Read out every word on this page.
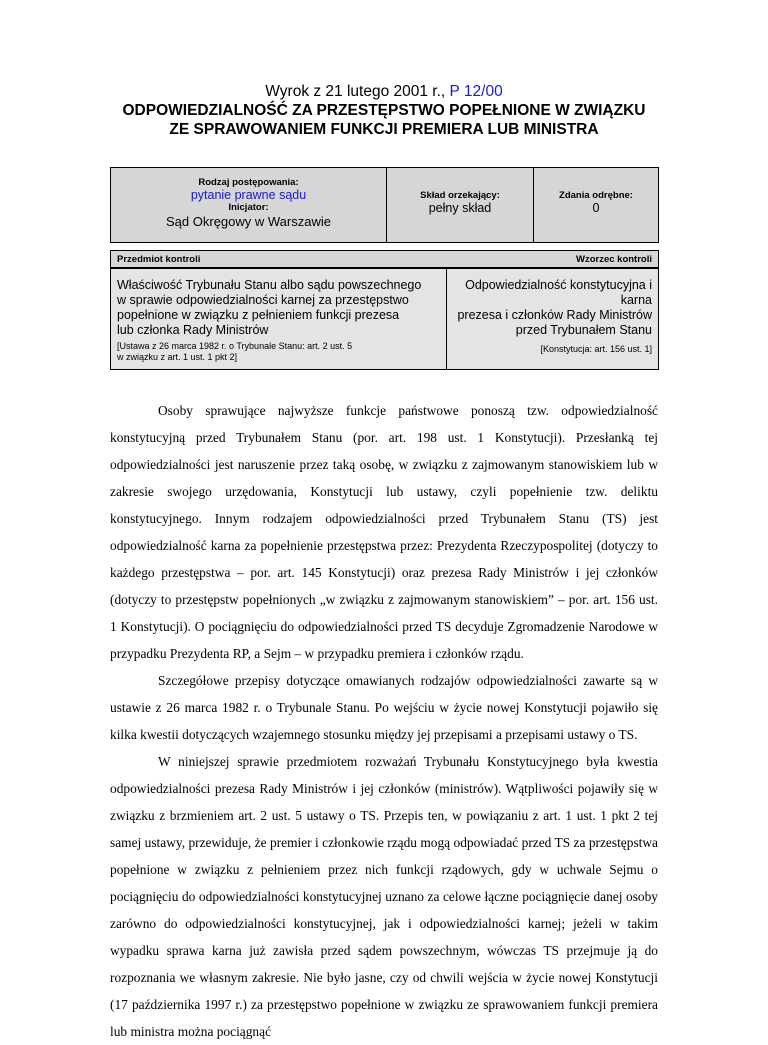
Wyrok z 21 lutego 2001 r., P 12/00
ODPOWIEDZIALNOŚĆ ZA PRZESTĘPSTWO POPEŁNIONE W ZWIĄZKU
ZE SPRAWOWANIEM FUNKCJI PREMIERA LUB MINISTRA
Rodzaj postępowania:
pytanie prawne sądu
Inicjator:
Sąd Okręgowy w Warszawie
Skład orzekający:
pełny skład
Zdania odrębne:
0
Przedmiot kontroli	Wzorzec kontroli
Właściwość Trybunału Stanu albo sądu powszechnego
w sprawie odpowiedzialności karnej za przestępstwo
popełnione w związku z pełnieniem funkcji prezesa
lub członka Rady Ministrów
[Ustawa z 26 marca 1982 r. o Trybunale Stanu: art. 2 ust. 5
w związku z art. 1 ust. 1 pkt 2]
Odpowiedzialność konstytucyjna i karna
prezesa i członków Rady Ministrów
przed Trybunałem Stanu
[Konstytucja: art. 156 ust. 1]

Osoby sprawujące najwyższe funkcje państwowe ponoszą tzw. odpowiedzialność konstytucyjną przed Trybunałem Stanu (por. art. 198 ust. 1 Konstytucji). Przesłanką tej odpowiedzialności jest naruszenie przez taką osobę, w związku z zajmowanym stanowiskiem lub w zakresie swojego urzędowania, Konstytucji lub ustawy, czyli popełnienie tzw. deliktu konstytucyjnego. Innym rodzajem odpowiedzialności przed Trybunałem Stanu (TS) jest odpowiedzialność karna za popełnienie przestępstwa przez: Prezydenta Rzeczypospolitej (dotyczy to każdego przestępstwa – por. art. 145 Konstytucji) oraz prezesa Rady Ministrów i jej członków (dotyczy to przestępstw popełnionych „w związku z zajmowanym stanowiskiem” – por. art. 156 ust. 1 Konstytucji). O pociągnięciu do odpowiedzialności przed TS decyduje Zgromadzenie Narodowe w przypadku Prezydenta RP, a Sejm – w przypadku premiera i członków rządu.

Szczegółowe przepisy dotyczące omawianych rodzajów odpowiedzialności zawarte są w ustawie z 26 marca 1982 r. o Trybunale Stanu. Po wejściu w życie nowej Konstytucji pojawiło się kilka kwestii dotyczących wzajemnego stosunku między jej przepisami a przepisami ustawy o TS.

W niniejszej sprawie przedmiotem rozważań Trybunału Konstytucyjnego była kwestia odpowiedzialności prezesa Rady Ministrów i jej członków (ministrów). Wątpliwości pojawiły się w związku z brzmieniem art. 2 ust. 5 ustawy o TS. Przepis ten, w powiązaniu z art. 1 ust. 1 pkt 2 tej samej ustawy, przewiduje, że premier i członkowie rządu mogą odpowiadać przed TS za przestępstwa popełnione w związku z pełnieniem przez nich funkcji rządowych, gdy w uchwale Sejmu o pociągnięciu do odpowiedzialności konstytucyjnej uznano za celowe łączne pociągnięcie danej osoby zarówno do odpowiedzialności konstytucyjnej, jak i odpowiedzialności karnej; jeżeli w takim wypadku sprawa karna już zawisła przed sądem powszechnym, wówczas TS przejmuje ją do rozpoznania we własnym zakresie. Nie było jasne, czy od chwili wejścia w życie nowej Konstytucji (17 października 1997 r.) za przestępstwo popełnione w związku ze sprawowaniem funkcji premiera lub ministra można pociągnąć
